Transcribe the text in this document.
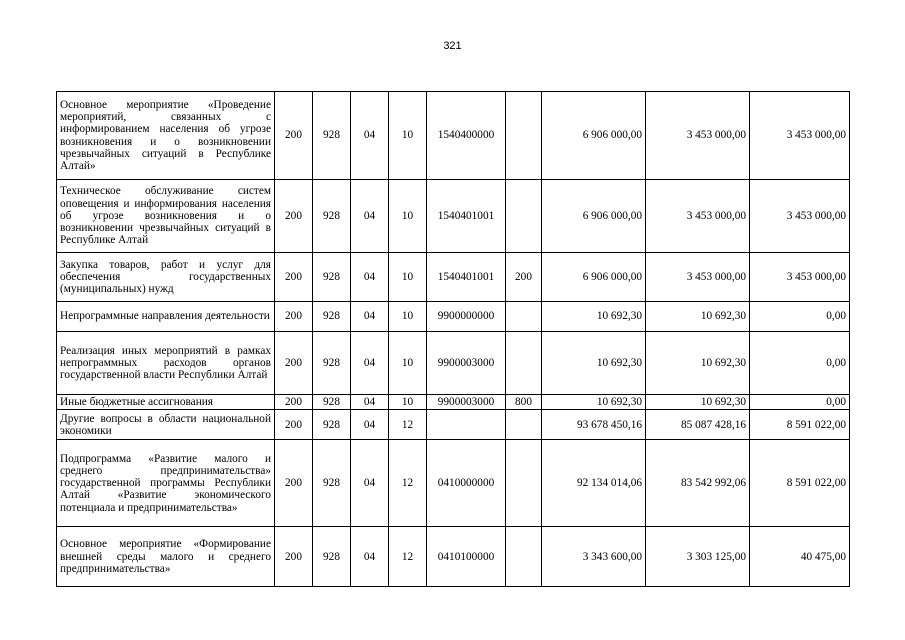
321
Основное мероприятие «Проведение мероприятий, связанных с информированием населения об угрозе возникновения и о возникновении чрезвычайных ситуаций в Республике Алтай»	200	928	04	10	1540400000		6 906 000,00	3 453 000,00	3 453 000,00
Техническое обслуживание систем оповещения и информирования населения об угрозе возникновения и о возникновении чрезвычайных ситуаций в Республике Алтай	200	928	04	10	1540401001		6 906 000,00	3 453 000,00	3 453 000,00
Закупка товаров, работ и услуг для обеспечения государственных (муниципальных) нужд	200	928	04	10	1540401001	200	6 906 000,00	3 453 000,00	3 453 000,00
Непрограммные направления деятельности	200	928	04	10	9900000000		10 692,30	10 692,30	0,00
Реализация иных мероприятий в рамках непрограммных расходов органов государственной власти Республики Алтай	200	928	04	10	9900003000		10 692,30	10 692,30	0,00
Иные бюджетные ассигнования	200	928	04	10	9900003000	800	10 692,30	10 692,30	0,00
Другие вопросы в области национальной экономики	200	928	04	12			93 678 450,16	85 087 428,16	8 591 022,00
Подпрограмма «Развитие малого и среднего предпринимательства» государственной программы Республики Алтай «Развитие экономического потенциала и предпринимательства»	200	928	04	12	0410000000		92 134 014,06	83 542 992,06	8 591 022,00
Основное мероприятие «Формирование внешней среды малого и среднего предпринимательства»	200	928	04	12	0410100000		3 343 600,00	3 303 125,00	40 475,00
